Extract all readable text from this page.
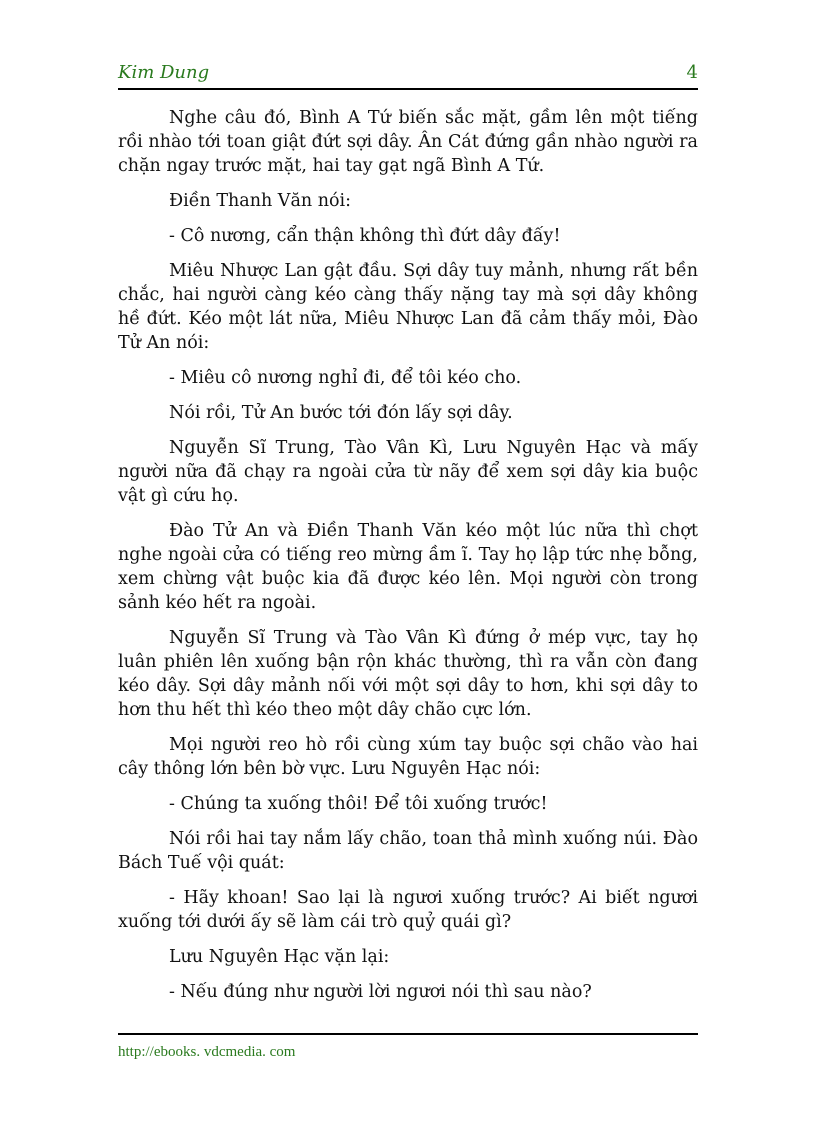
Kim Dung	4

Nghe câu đó, Bình A Tứ biến sắc mặt, gầm lên một tiếng rồi nhào tới toan giật đứt sợi dây. Ân Cát đứng gần nhào người ra chặn ngay trước mặt, hai tay gạt ngã Bình A Tứ.

Điền Thanh Văn nói:

- Cô nương, cẩn thận không thì đứt dây đấy!

Miêu Nhược Lan gật đầu. Sợi dây tuy mảnh, nhưng rất bền chắc, hai người càng kéo càng thấy nặng tay mà sợi dây không hề đứt. Kéo một lát nữa, Miêu Nhược Lan đã cảm thấy mỏi, Đào Tử An nói:

- Miêu cô nương nghỉ đi, để tôi kéo cho.

Nói rồi, Tử An bước tới đón lấy sợi dây.

Nguyễn Sĩ Trung, Tào Vân Kì, Lưu Nguyên Hạc và mấy người nữa đã chạy ra ngoài cửa từ nãy để xem sợi dây kia buộc vật gì cứu họ.

Đào Tử An và Điền Thanh Văn kéo một lúc nữa thì chợt nghe ngoài cửa có tiếng reo mừng ầm ĩ. Tay họ lập tức nhẹ bỗng, xem chừng vật buộc kia đã được kéo lên. Mọi người còn trong sảnh kéo hết ra ngoài.

Nguyễn Sĩ Trung và Tào Vân Kì đứng ở mép vực, tay họ luân phiên lên xuống bận rộn khác thường, thì ra vẫn còn đang kéo dây. Sợi dây mảnh nối với một sợi dây to hơn, khi sợi dây to hơn thu hết thì kéo theo một dây chão cực lớn.

Mọi người reo hò rồi cùng xúm tay buộc sợi chão vào hai cây thông lớn bên bờ vực. Lưu Nguyên Hạc nói:

- Chúng ta xuống thôi! Để tôi xuống trước!

Nói rồi hai tay nắm lấy chão, toan thả mình xuống núi. Đào Bách Tuế vội quát:

- Hãy khoan! Sao lại là ngươi xuống trước? Ai biết ngươi xuống tới dưới ấy sẽ làm cái trò quỷ quái gì?

Lưu Nguyên Hạc vặn lại:

- Nếu đúng như người lời ngươi nói thì sau nào?

http://ebooks. vdcmedia. com
